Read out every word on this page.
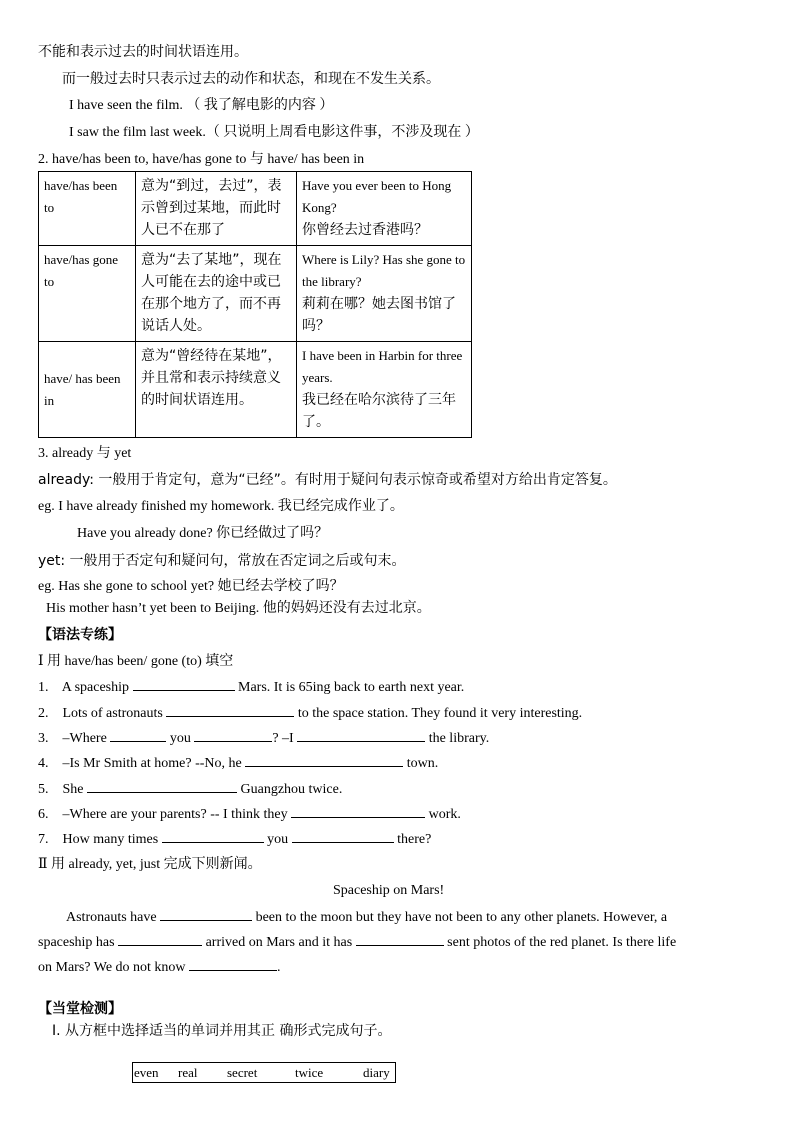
不能和表示过去的时间状语连用。
而一般过去时只表示过去的动作和状态，和现在不发生关系。
I have seen the film. （ 我了解电影的内容 ）
I saw the film last week.（ 只说明上周看电影这件事，不涉及现在 ）
2. have/has been to, have/has gone to 与 have/ has been in
have/has been to	意为“到过，去过”，表示曾到过某地，而此时人已不在那了	Have you ever been to Hong Kong?
你曾经去过香港吗？

have/has gone to	意为“去了某地”，现在人可能在去的途中或已在那个地方了，而不再说话人处。	Where is Lily? Has she gone to the library?
莉莉在哪？她去图书馆了吗？

have/ has been in	意为“曾经待在某地”，并且常和表示持续意义的时间状语连用。	I have been in Harbin for three years.
我已经在哈尔滨待了三年了。
3. already 与 yet
already: 一般用于肯定句，意为“已经”。有时用于疑问句表示惊奇或希望对方给出肯定答复。
eg. I have already finished my homework. 我已经完成作业了。
Have you already done? 你已经做过了吗？
yet: 一般用于否定句和疑问句，常放在否定词之后或句末。
eg. Has she gone to school yet? 她已经去学校了吗？
His mother hasn’t yet been to Beijing. 他的妈妈还没有去过北京。
【语法专练】
Ⅰ 用 have/has been/ gone (to) 填空
1. A spaceship	Mars. It is 65ing back to earth next year.
2. Lots of astronauts	to the space station. They found it very interesting.
3. –Where	you	? –I	the library.
4. –Is Mr Smith at home? --No, he	town.
5. She	Guangzhou twice.
6. –Where are your parents? -- I think they	work.
7. How many times	you	there?
Ⅱ 用 already, yet, just 完成下则新闻。
Spaceship on Mars!
Astronauts have	been to the moon but they have not been to any other planets. However, a
spaceship has	arrived on Mars and it has	sent photos of the red planet. Is there life
on Mars? We do not know	.
【当堂检测】
Ⅰ. 从方框中选择适当的单词并用其正 确形式完成句子。
even real secret	twice	diary
